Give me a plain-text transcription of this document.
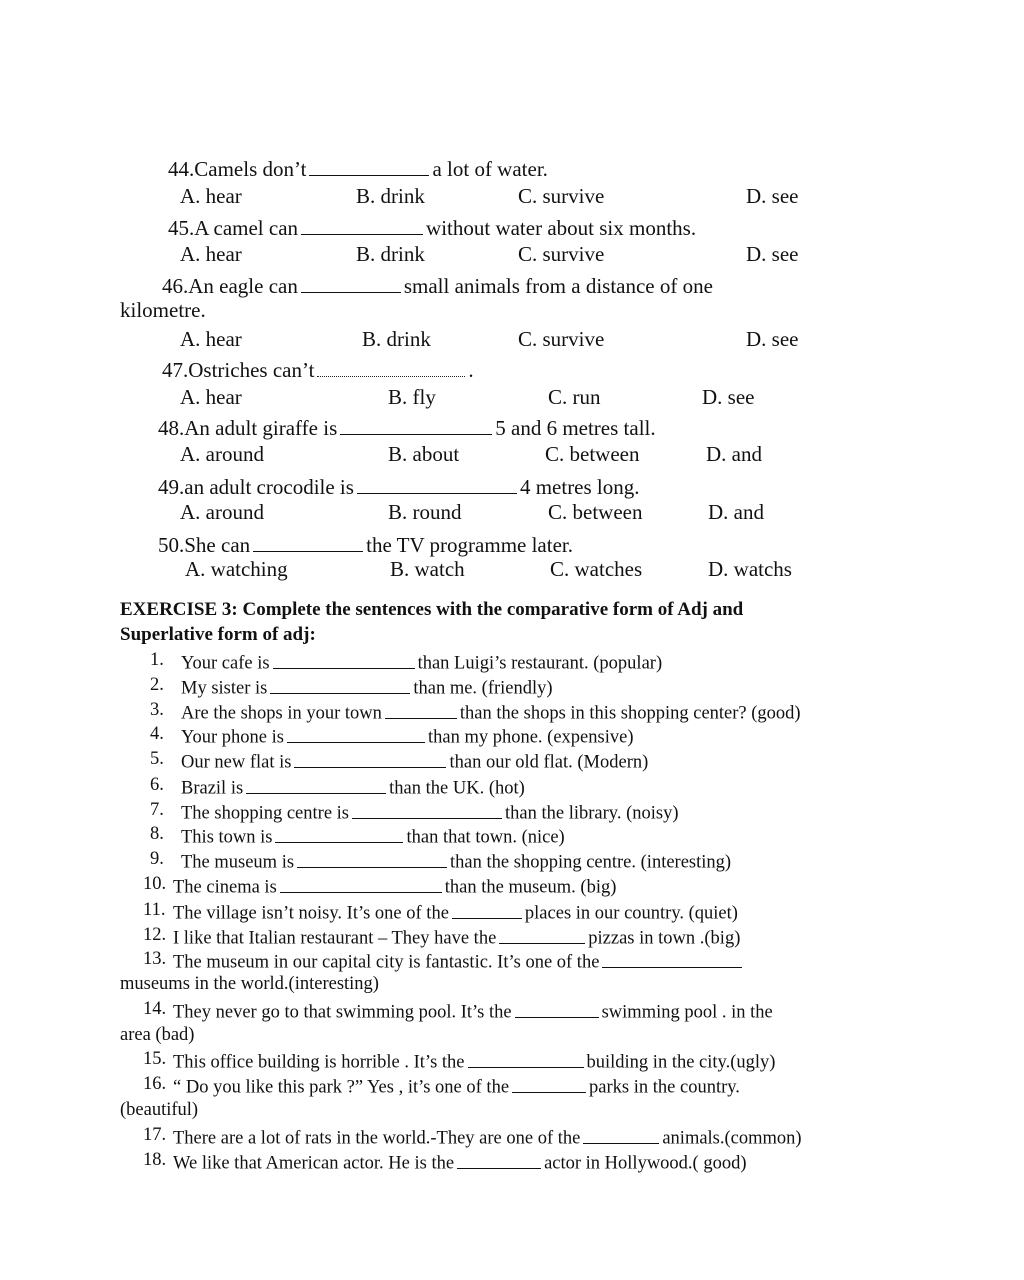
44.Camels don’t	a lot of water.
A. hear	B. drink	C. survive	D. see
45.A camel can	without water about six months.
A. hear	B. drink	C. survive	D. see
46.An eagle can	small animals from a distance of one
kilometre.
A. hear	B. drink	C. survive	D. see
47.Ostriches can’t	.
A. hear	B. fly	C. run	D. see
48.An adult giraffe is	5 and 6 metres tall.
A. around	B. about	C. between	D. and
49.an adult crocodile is	4 metres long.
A. around	B. round	C. between	D. and
50.She can	the TV programme later.
A. watching	B. watch	C. watches	D. watchs
EXERCISE 3: Complete the sentences with the comparative form of Adj and
Superlative form of adj:
1. Your cafe is	than Luigi’s restaurant. (popular)
2. My sister is	than me. (friendly)
3. Are the shops in your town	than the shops in this shopping center? (good)
4. Your phone is	than my phone. (expensive)
5. Our new flat is	than our old flat. (Modern)
6. Brazil is	than the UK. (hot)
7. The shopping centre is	than the library. (noisy)
8. This town is	than that town. (nice)
9. The museum is	than the shopping centre. (interesting)
10. The cinema is	than the museum. (big)
11. The village isn’t noisy. It’s one of the	places in our country. (quiet)
12. I like that Italian restaurant – They have the	pizzas in town .(big)
13. The museum in our capital city is fantastic. It’s one of the
museums in the world.(interesting)
14. They never go to that swimming pool. It’s the	swimming pool . in the
area (bad)
15. This office building is horrible . It’s the	building in the city.(ugly)
16. “ Do you like this park ?” Yes , it’s one of the	parks in the country.
(beautiful)
17. There are a lot of rats in the world.-They are one of the	animals.(common)
18. We like that American actor. He is the	actor in Hollywood.( good)
